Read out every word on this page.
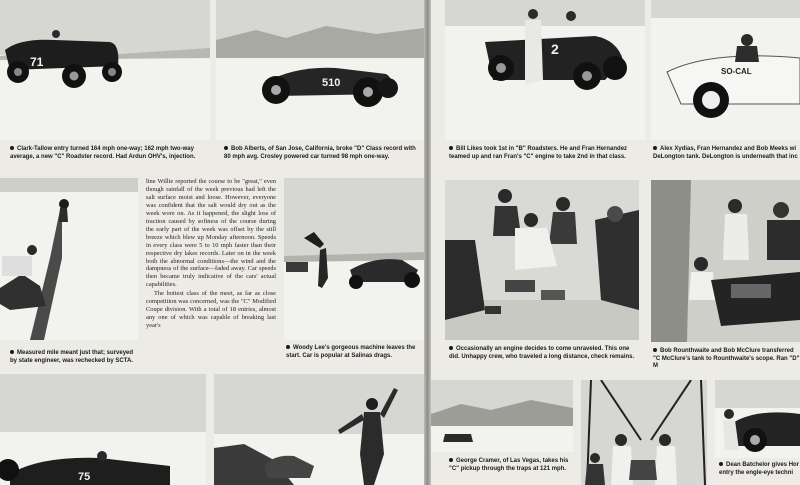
71
510
Clark-Tallow entry turned 164 mph one-way; 162 mph two-way average, a new "C" Roadster record. Had Ardun OHV's, injection.
Bob Alberts, of San Jose, California, broke "D" Class record with 80 mph avg. Crosley powered car turned 98 mph one-way.
Measured mile meant just that; surveyed by state engineer, was rechecked by SCTA.

line Willie reported the course to be "great," even though rainfall of the week previous had left the salt surface moist and loose. However, everyone was confident that the salt would dry out as the week wore on. As it happened, the slight loss of traction caused by softness of the course during the early part of the week was offset by the still breeze which blew up Monday afternoon. Speeds in every class were 5 to 10 mph faster than their respective dry lakes records. Later on in the week both the abnormal conditions—the wind and the dampness of the surface—faded away. Car speeds then became truly indicative of the cars' actual capabilities.

The hottest class of the meet, as far as close competition was concerned, was the "C" Modified Coupe division. With a total of 18 entries, almost any one of which was capable of breaking last year's

Woody Lee's gorgeous machine leaves the start. Car is popular at Salinas drags.
75
2
SO-CAL
Bill Likes took 1st in "B" Roadsters. He and Fran Hernandez teamed up and ran Fran's "C" engine to take 2nd in that class.
Alex Xydias, Fran Hernandez and Bob Meeks wi DeLongton tank. DeLongton is underneath that inc
Occasionally an engine decides to come unraveled. This one did. Unhappy crew, who traveled a long distance, check remains.
Bob Rounthwaite and Bob McClure transferred "C McClure's tank to Rounthwaite's scope. Ran "D" M
George Cramer, of Las Vegas, takes his "C" pickup through the traps at 121 mph.
Dean Batchelor gives Hor entry the engle-eye techni
